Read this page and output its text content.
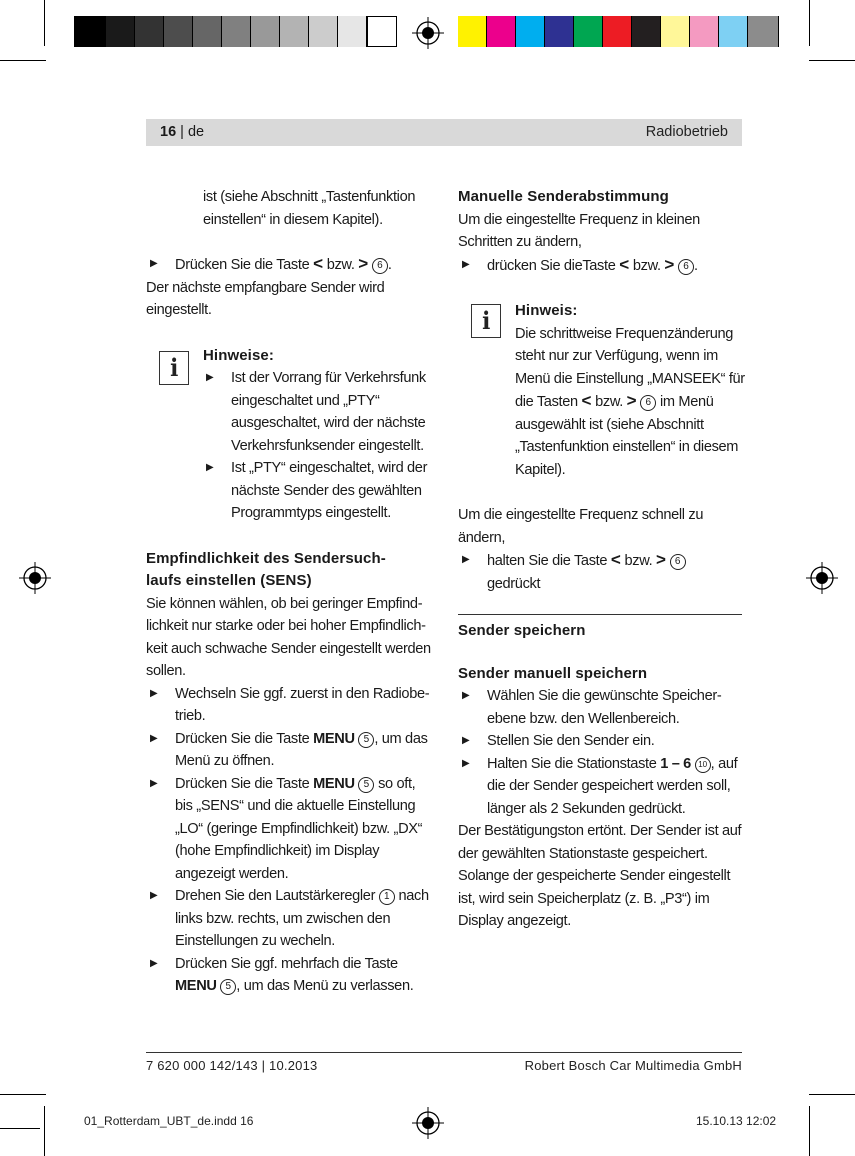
16 | de	Radiobetrieb

ist (siehe Abschnitt „Tastenfunktion

einstellen“ in diesem Kapitel).

▶ Drücken Sie die Taste < bzw. > 6 .

Der nächste empfangbare Sender wird

eingestellt.

i	Hinweise:

▶ Ist der Vorrang für Verkehrsfunk

eingeschaltet und „PTY“

ausgeschaltet, wird der nächste

Verkehrsfunksender eingestellt.

▶ Ist „PTY“ eingeschaltet, wird der

nächste Sender des gewählten

Programmtyps eingestellt.

Empfindlichkeit des Sendersuch-

laufs einstellen (SENS)

Sie können wählen, ob bei geringer Empfind-

lichkeit nur starke oder bei hoher Empfindlich-

keit auch schwache Sender eingestellt werden

sollen.

▶ Wechseln Sie ggf. zuerst in den Radiobe-

trieb.

▶ Drücken Sie die Taste MENU 5 , um das

Menü zu öffnen.

▶ Drücken Sie die Taste MENU 5 so oft,

bis „SENS“ und die aktuelle Einstellung

„LO“ (geringe Empfindlichkeit) bzw. „DX“

(hohe Empfindlichkeit) im Display

angezeigt werden.

▶ Drehen Sie den Lautstärkeregler 1 nach

links bzw. rechts, um zwischen den

Einstellungen zu wecheln.

▶ Drücken Sie ggf. mehrfach die Taste

MENU 5 , um das Menü zu verlassen.

Manuelle Senderabstimmung

Um die eingestellte Frequenz in kleinen

Schritten zu ändern,

▶ drücken Sie dieTaste < bzw. > 6 .

i	Hinweis:

Die schrittweise Frequenzänderung

steht nur zur Verfügung, wenn im

Menü die Einstellung „MANSEEK“ für

die Tasten < bzw. > 6 im Menü

ausgewählt ist (siehe Abschnitt

„Tastenfunktion einstellen“ in diesem

Kapitel).

Um die eingestellte Frequenz schnell zu

ändern,

▶ halten Sie die Taste < bzw. > 6

gedrückt

Sender speichern

Sender manuell speichern

▶ Wählen Sie die gewünschte Speicher-

ebene bzw. den Wellenbereich.

▶ Stellen Sie den Sender ein.

▶ Halten Sie die Stationstaste 1 – 6 10 , auf

die der Sender gespeichert werden soll,

länger als 2 Sekunden gedrückt.

Der Bestätigungston ertönt. Der Sender ist auf

der gewählten Stationstaste gespeichert.

Solange der gespeicherte Sender eingestellt

ist, wird sein Speicherplatz (z. B. „P3“) im

Display angezeigt.

7 620 000 142/143 | 10.2013	Robert Bosch Car Multimedia GmbH
01_Rotterdam_UBT_de.indd 16	15.10.13 12:02
